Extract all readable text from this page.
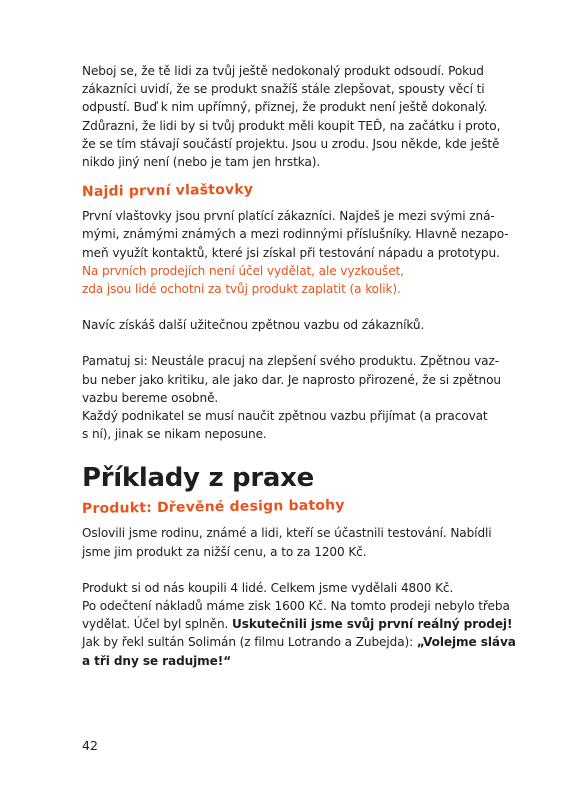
Neboj se, že tě lidi za tvůj ještě nedokonalý produkt odsoudí. Pokud
zákazníci uvidí, že se produkt snažíš stále zlepšovat, spousty věcí ti
odpustí. Buď k nim upřímný, přiznej, že produkt není ještě dokonalý.
Zdůrazni, že lidi by si tvůj produkt měli koupit TEĎ, na začátku i proto,
že se tím stávají součástí projektu. Jsou u zrodu. Jsou někde, kde ještě
nikdo jiný není (nebo je tam jen hrstka).

Najdi první vlaštovky

První vlaštovky jsou první platící zákazníci. Najdeš je mezi svými zná-
mými, známými známých a mezi rodinnými příslušníky. Hlavně nezapo-
meň využít kontaktů, které jsi získal při testování nápadu a prototypu.
Na prvních prodejích není účel vydělat, ale vyzkoušet,
zda jsou lidé ochotni za tvůj produkt zaplatit (a kolik).

Navíc získáš další užitečnou zpětnou vazbu od zákazníků.

Pamatuj si: Neustále pracuj na zlepšení svého produktu. Zpětnou vaz-
bu neber jako kritiku, ale jako dar. Je naprosto přirozené, že si zpětnou
vazbu bereme osobně.
Každý podnikatel se musí naučit zpětnou vazbu přijímat (a pracovat
s ní), jinak se nikam neposune.

Příklady z praxe
Produkt: Dřevěné design batohy

Oslovili jsme rodinu, známé a lidi, kteří se účastnili testování. Nabídli
jsme jim produkt za nižší cenu, a to za 1200 Kč.

Produkt si od nás koupili 4 lidé. Celkem jsme vydělali 4800 Kč.
Po odečtení nákladů máme zisk 1600 Kč. Na tomto prodeji nebylo třeba
vydělat. Účel byl splněn. Uskutečnili jsme svůj první reálný prodej!
Jak by řekl sultán Solimán (z filmu Lotrando a Zubejda): „Volejme sláva
a tři dny se radujme!“

42
